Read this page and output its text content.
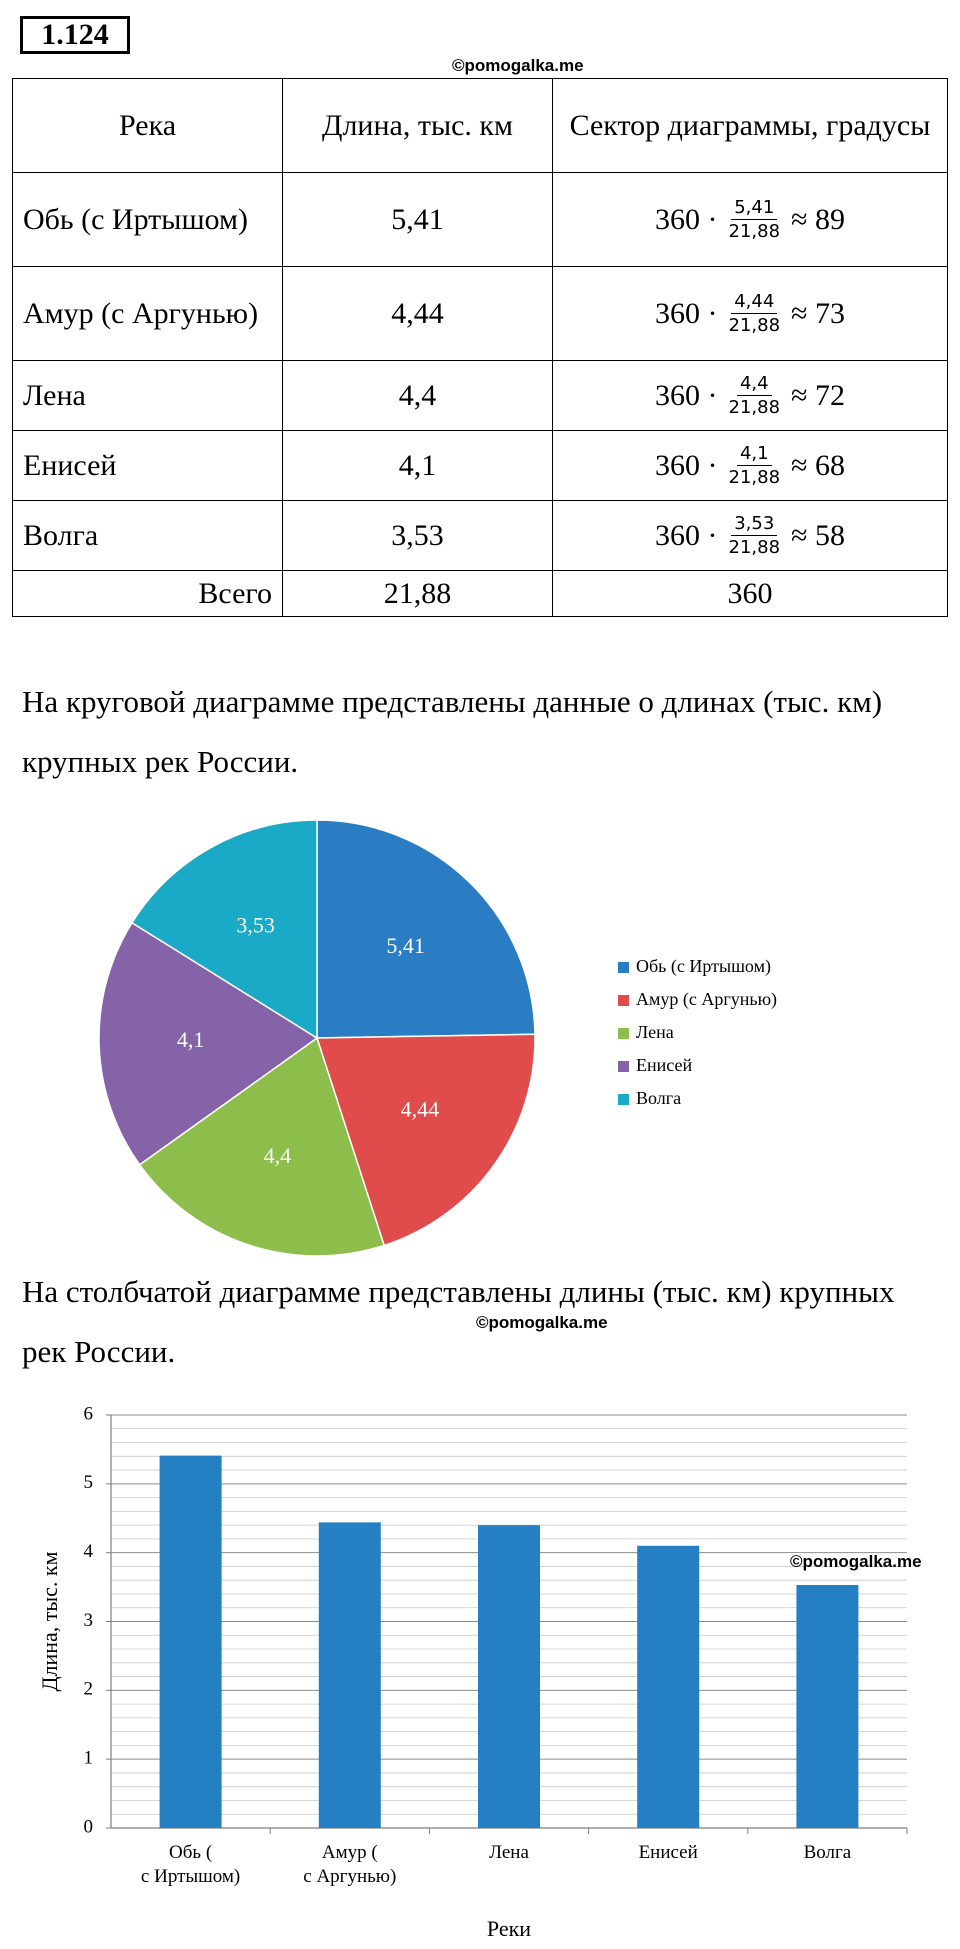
1.124
©pomogalka.me
Река	Длина, тыс. км	Сектор диаграммы, градусы
Обь (с Иртышом)	5,41	$360 \cdot \frac{5,41}{21,88} \approx 89$

Амур (с Аргунью)	4,44	$360 \cdot \frac{4,44}{21,88} \approx 73$

Лена	4,4	$360 \cdot \frac{4,4}{21,88} \approx 72$

Енисей	4,1	$360 \cdot \frac{4,1}{21,88} \approx 68$

Волга	3,53	$360 \cdot \frac{3,53}{21,88} \approx 58$

Всего	21,88	360

На круговой диаграмме представлены данные о длинах (тыс. км) крупных рек России.

5,41
4,44
4,4
4,1
3,53
Обь (с Иртышом)
Амур (с Аргунью)
Лена
Енисей
Волга

На столбчатой диаграмме представлены длины (тыс. км) крупных рек России.

©pomogalka.me
0
1
2
3
4
5
6
Обь ( с Иртышом)
Амур ( с Аргунью)
Лена	Енисей	Волга
Реки
Длина, тыс. км	©pomogalka.me
